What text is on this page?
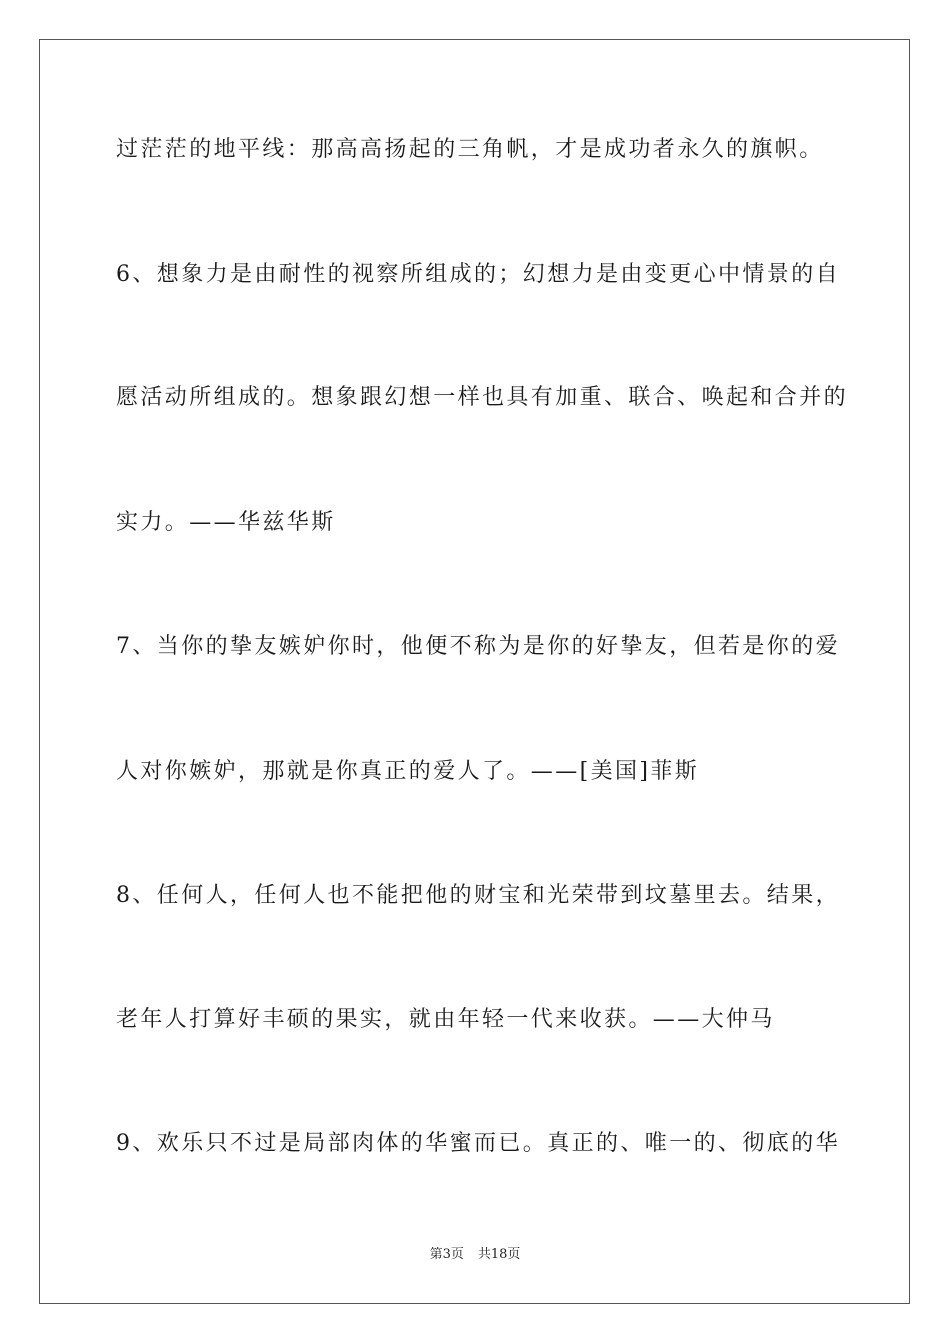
过茫茫的地平线：那高高扬起的三角帆，才是成功者永久的旗帜。
6、想象力是由耐性的视察所组成的；幻想力是由变更心中情景的自
愿活动所组成的。想象跟幻想一样也具有加重、联合、唤起和合并的
实力。——华兹华斯
7、当你的挚友嫉妒你时，他便不称为是你的好挚友，但若是你的爱
人对你嫉妒，那就是你真正的爱人了。——[美国]菲斯
8、任何人，任何人也不能把他的财宝和光荣带到坟墓里去。结果，
老年人打算好丰硕的果实，就由年轻一代来收获。——大仲马
9、欢乐只不过是局部肉体的华蜜而已。真正的、唯一的、彻底的华
第3页 共18页
